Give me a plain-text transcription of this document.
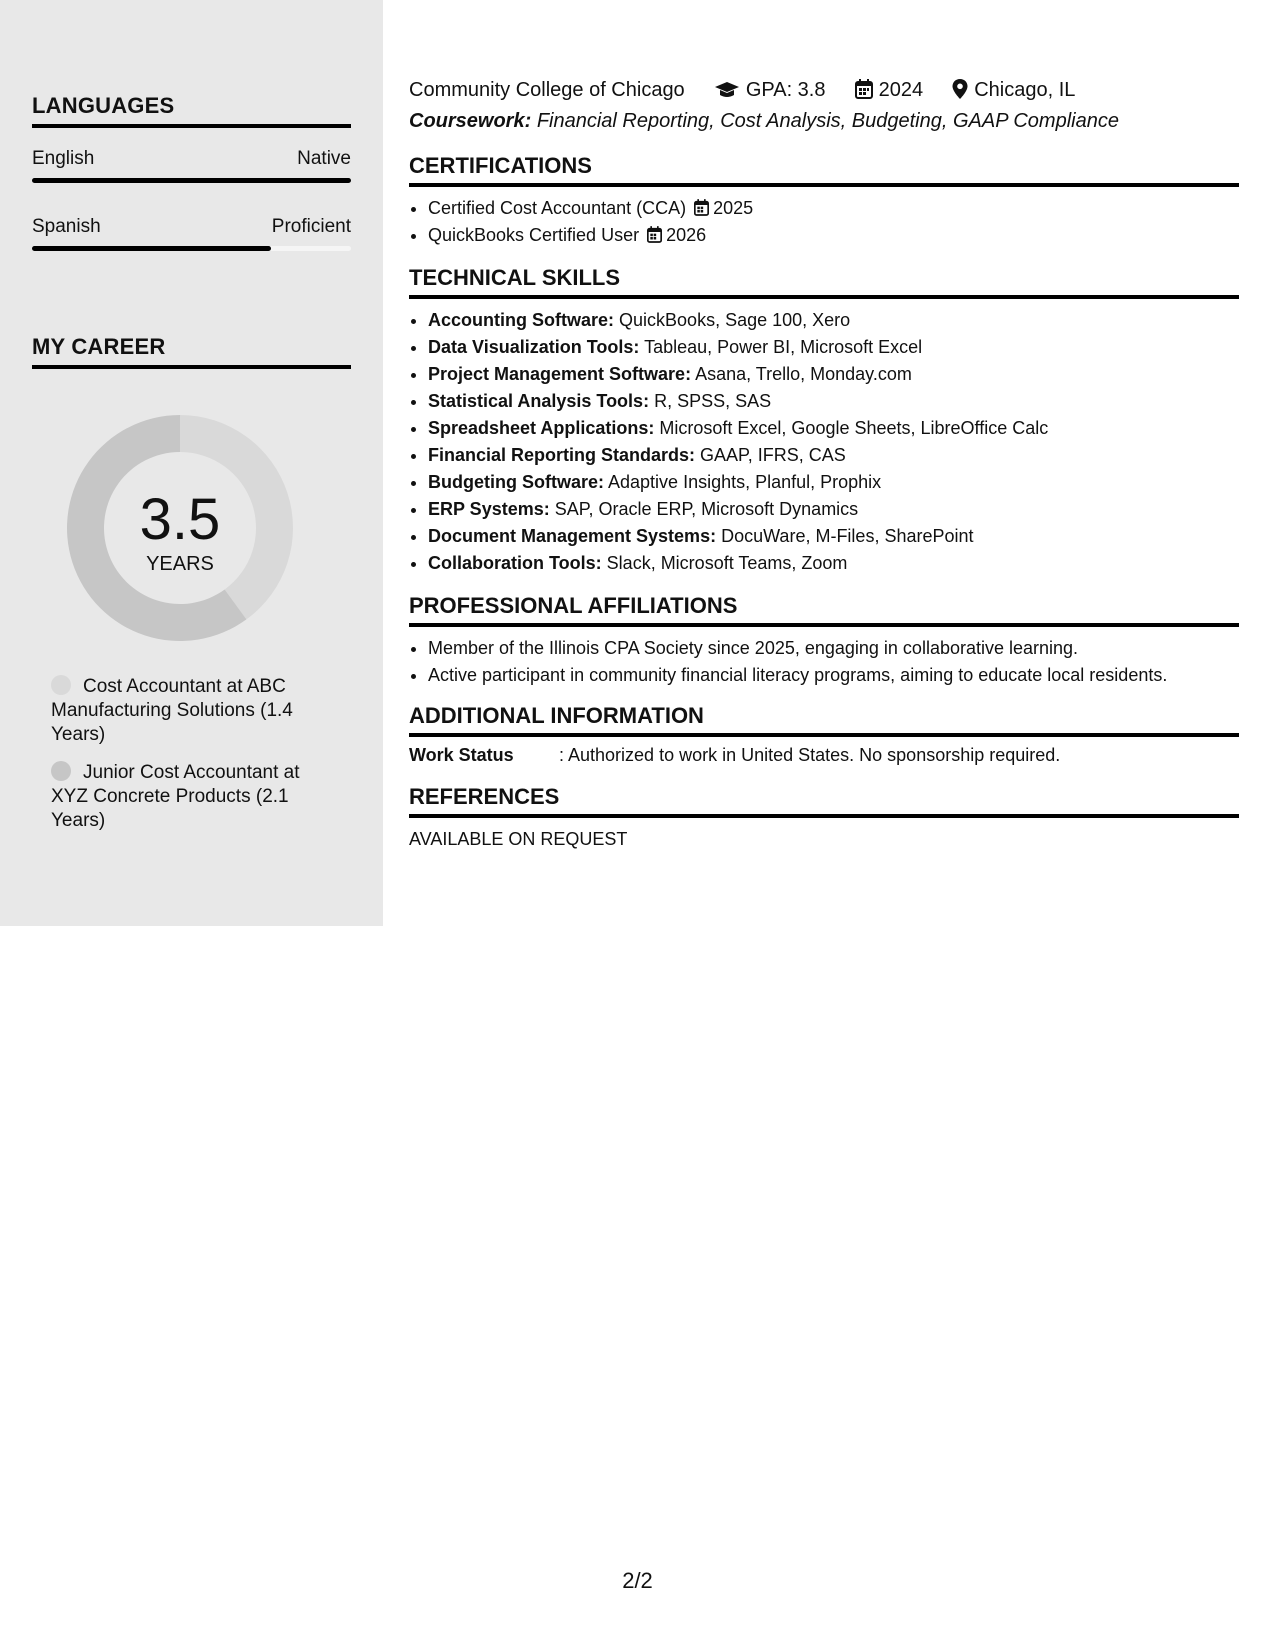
LANGUAGES
English	Native
Spanish	Proficient
MY CAREER
3.5
YEARS
Cost Accountant at ABC Manufacturing Solutions (1.4 Years)
Junior Cost Accountant at XYZ Concrete Products (2.1 Years)
Community College of Chicago	GPA: 3.8	2024	Chicago, IL
Coursework: Financial Reporting, Cost Analysis, Budgeting, GAAP Compliance
CERTIFICATIONS
• Certified Cost Accountant (CCA) 2025
• QuickBooks Certified User 2026
TECHNICAL SKILLS
• Accounting Software: QuickBooks, Sage 100, Xero
• Data Visualization Tools: Tableau, Power BI, Microsoft Excel
• Project Management Software: Asana, Trello, Monday.com
• Statistical Analysis Tools: R, SPSS, SAS
• Spreadsheet Applications: Microsoft Excel, Google Sheets, LibreOffice Calc
• Financial Reporting Standards: GAAP, IFRS, CAS
• Budgeting Software: Adaptive Insights, Planful, Prophix
• ERP Systems: SAP, Oracle ERP, Microsoft Dynamics
• Document Management Systems: DocuWare, M-Files, SharePoint
• Collaboration Tools: Slack, Microsoft Teams, Zoom
PROFESSIONAL AFFILIATIONS
• Member of the Illinois CPA Society since 2025, engaging in collaborative learning.
• Active participant in community financial literacy programs, aiming to educate local residents.
ADDITIONAL INFORMATION
Work Status	: Authorized to work in United States. No sponsorship required.
REFERENCES
AVAILABLE ON REQUEST
2/2
